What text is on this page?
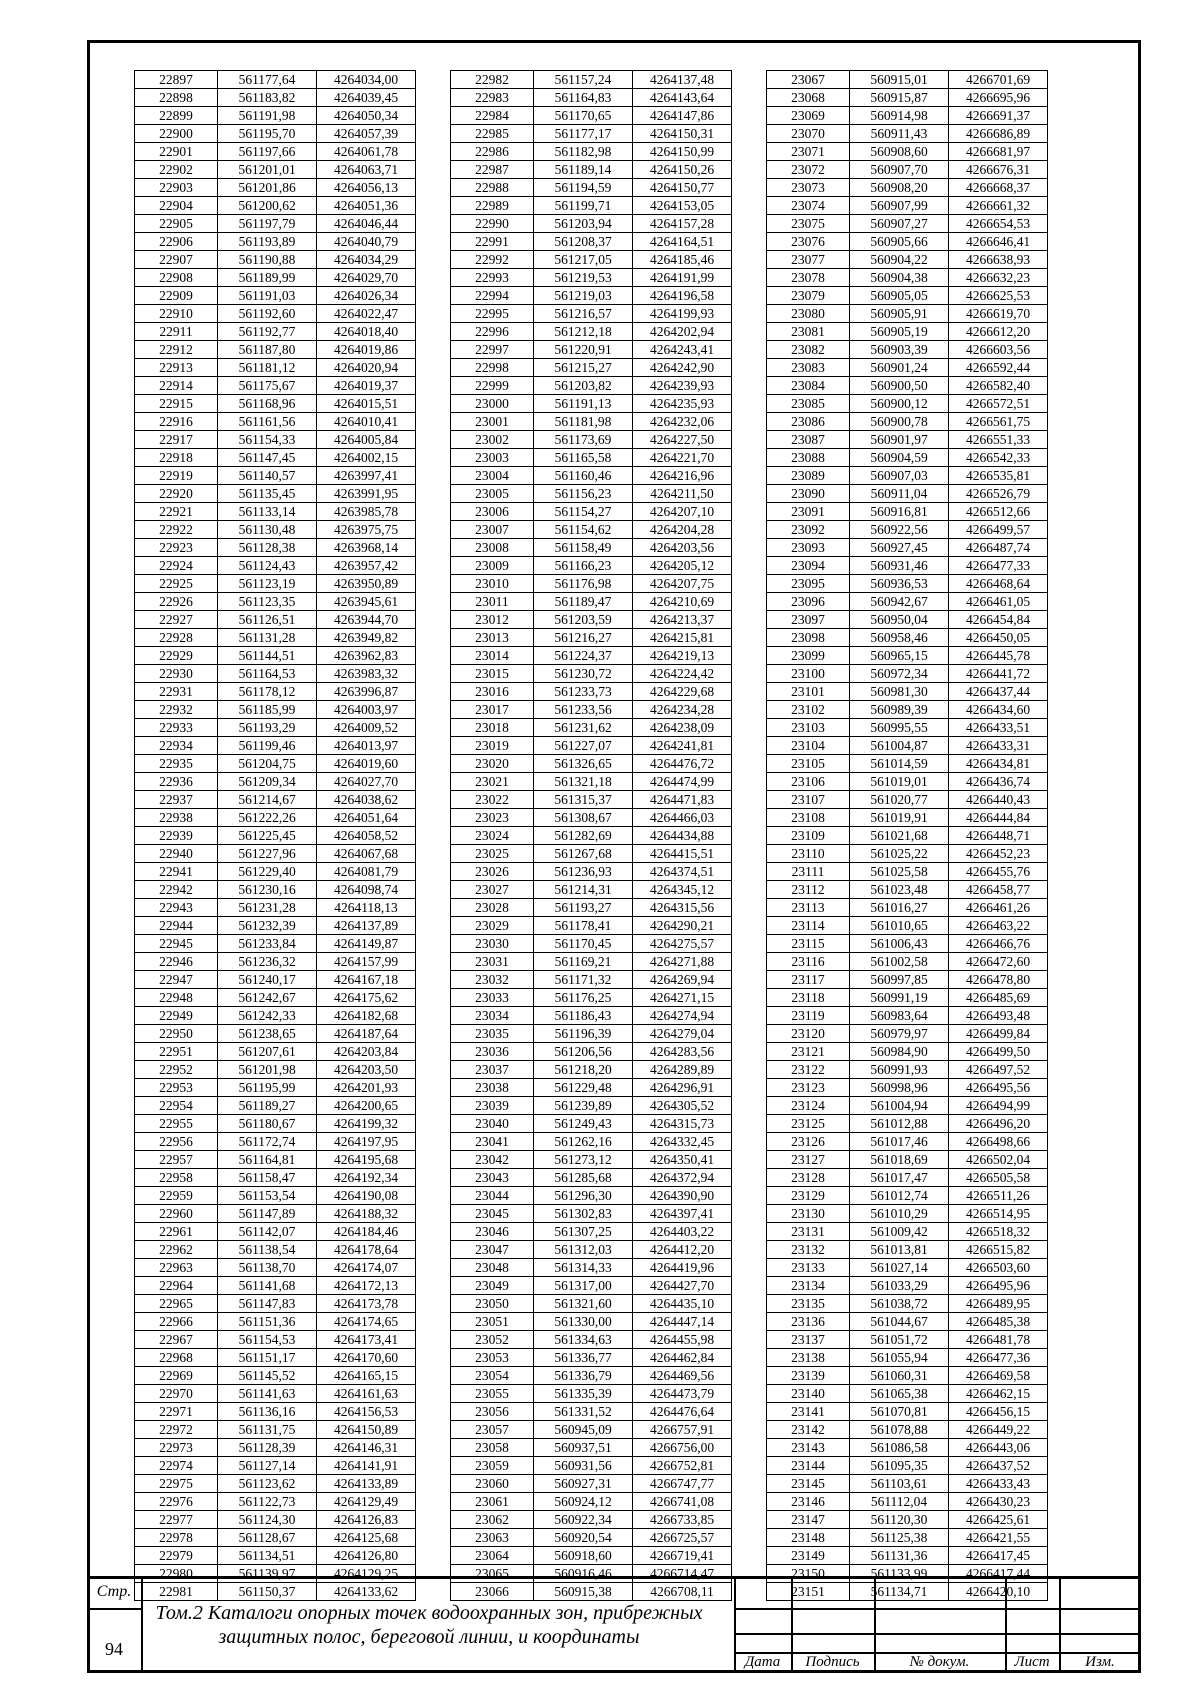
22897	561177,64	4264034,00
22898	561183,82	4264039,45
22899	561191,98	4264050,34
22900	561195,70	4264057,39
22901	561197,66	4264061,78
22902	561201,01	4264063,71
22903	561201,86	4264056,13
22904	561200,62	4264051,36
22905	561197,79	4264046,44
22906	561193,89	4264040,79
22907	561190,88	4264034,29
22908	561189,99	4264029,70
22909	561191,03	4264026,34
22910	561192,60	4264022,47
22911	561192,77	4264018,40
22912	561187,80	4264019,86
22913	561181,12	4264020,94
22914	561175,67	4264019,37
22915	561168,96	4264015,51
22916	561161,56	4264010,41
22917	561154,33	4264005,84
22918	561147,45	4264002,15
22919	561140,57	4263997,41
22920	561135,45	4263991,95
22921	561133,14	4263985,78
22922	561130,48	4263975,75
22923	561128,38	4263968,14
22924	561124,43	4263957,42
22925	561123,19	4263950,89
22926	561123,35	4263945,61
22927	561126,51	4263944,70
22928	561131,28	4263949,82
22929	561144,51	4263962,83
22930	561164,53	4263983,32
22931	561178,12	4263996,87
22932	561185,99	4264003,97
22933	561193,29	4264009,52
22934	561199,46	4264013,97
22935	561204,75	4264019,60
22936	561209,34	4264027,70
22937	561214,67	4264038,62
22938	561222,26	4264051,64
22939	561225,45	4264058,52
22940	561227,96	4264067,68
22941	561229,40	4264081,79
22942	561230,16	4264098,74
22943	561231,28	4264118,13
22944	561232,39	4264137,89
22945	561233,84	4264149,87
22946	561236,32	4264157,99
22947	561240,17	4264167,18
22948	561242,67	4264175,62
22949	561242,33	4264182,68
22950	561238,65	4264187,64
22951	561207,61	4264203,84
22952	561201,98	4264203,50
22953	561195,99	4264201,93
22954	561189,27	4264200,65
22955	561180,67	4264199,32
22956	561172,74	4264197,95
22957	561164,81	4264195,68
22958	561158,47	4264192,34
22959	561153,54	4264190,08
22960	561147,89	4264188,32
22961	561142,07	4264184,46
22962	561138,54	4264178,64
22963	561138,70	4264174,07
22964	561141,68	4264172,13
22965	561147,83	4264173,78
22966	561151,36	4264174,65
22967	561154,53	4264173,41
22968	561151,17	4264170,60
22969	561145,52	4264165,15
22970	561141,63	4264161,63
22971	561136,16	4264156,53
22972	561131,75	4264150,89
22973	561128,39	4264146,31
22974	561127,14	4264141,91
22975	561123,62	4264133,89
22976	561122,73	4264129,49
22977	561124,30	4264126,83
22978	561128,67	4264125,68
22979	561134,51	4264126,80
22980	561139,97	4264129,25
22981	561150,37	4264133,62
22982	561157,24	4264137,48
22983	561164,83	4264143,64
22984	561170,65	4264147,86
22985	561177,17	4264150,31
22986	561182,98	4264150,99
22987	561189,14	4264150,26
22988	561194,59	4264150,77
22989	561199,71	4264153,05
22990	561203,94	4264157,28
22991	561208,37	4264164,51
22992	561217,05	4264185,46
22993	561219,53	4264191,99
22994	561219,03	4264196,58
22995	561216,57	4264199,93
22996	561212,18	4264202,94
22997	561220,91	4264243,41
22998	561215,27	4264242,90
22999	561203,82	4264239,93
23000	561191,13	4264235,93
23001	561181,98	4264232,06
23002	561173,69	4264227,50
23003	561165,58	4264221,70
23004	561160,46	4264216,96
23005	561156,23	4264211,50
23006	561154,27	4264207,10
23007	561154,62	4264204,28
23008	561158,49	4264203,56
23009	561166,23	4264205,12
23010	561176,98	4264207,75
23011	561189,47	4264210,69
23012	561203,59	4264213,37
23013	561216,27	4264215,81
23014	561224,37	4264219,13
23015	561230,72	4264224,42
23016	561233,73	4264229,68
23017	561233,56	4264234,28
23018	561231,62	4264238,09
23019	561227,07	4264241,81
23020	561326,65	4264476,72
23021	561321,18	4264474,99
23022	561315,37	4264471,83
23023	561308,67	4264466,03
23024	561282,69	4264434,88
23025	561267,68	4264415,51
23026	561236,93	4264374,51
23027	561214,31	4264345,12
23028	561193,27	4264315,56
23029	561178,41	4264290,21
23030	561170,45	4264275,57
23031	561169,21	4264271,88
23032	561171,32	4264269,94
23033	561176,25	4264271,15
23034	561186,43	4264274,94
23035	561196,39	4264279,04
23036	561206,56	4264283,56
23037	561218,20	4264289,89
23038	561229,48	4264296,91
23039	561239,89	4264305,52
23040	561249,43	4264315,73
23041	561262,16	4264332,45
23042	561273,12	4264350,41
23043	561285,68	4264372,94
23044	561296,30	4264390,90
23045	561302,83	4264397,41
23046	561307,25	4264403,22
23047	561312,03	4264412,20
23048	561314,33	4264419,96
23049	561317,00	4264427,70
23050	561321,60	4264435,10
23051	561330,00	4264447,14
23052	561334,63	4264455,98
23053	561336,77	4264462,84
23054	561336,79	4264469,56
23055	561335,39	4264473,79
23056	561331,52	4264476,64
23057	560945,09	4266757,91
23058	560937,51	4266756,00
23059	560931,56	4266752,81
23060	560927,31	4266747,77
23061	560924,12	4266741,08
23062	560922,34	4266733,85
23063	560920,54	4266725,57
23064	560918,60	4266719,41
23065	560916,46	4266714,47
23066	560915,38	4266708,11
23067	560915,01	4266701,69
23068	560915,87	4266695,96
23069	560914,98	4266691,37
23070	560911,43	4266686,89
23071	560908,60	4266681,97
23072	560907,70	4266676,31
23073	560908,20	4266668,37
23074	560907,99	4266661,32
23075	560907,27	4266654,53
23076	560905,66	4266646,41
23077	560904,22	4266638,93
23078	560904,38	4266632,23
23079	560905,05	4266625,53
23080	560905,91	4266619,70
23081	560905,19	4266612,20
23082	560903,39	4266603,56
23083	560901,24	4266592,44
23084	560900,50	4266582,40
23085	560900,12	4266572,51
23086	560900,78	4266561,75
23087	560901,97	4266551,33
23088	560904,59	4266542,33
23089	560907,03	4266535,81
23090	560911,04	4266526,79
23091	560916,81	4266512,66
23092	560922,56	4266499,57
23093	560927,45	4266487,74
23094	560931,46	4266477,33
23095	560936,53	4266468,64
23096	560942,67	4266461,05
23097	560950,04	4266454,84
23098	560958,46	4266450,05
23099	560965,15	4266445,78
23100	560972,34	4266441,72
23101	560981,30	4266437,44
23102	560989,39	4266434,60
23103	560995,55	4266433,51
23104	561004,87	4266433,31
23105	561014,59	4266434,81
23106	561019,01	4266436,74
23107	561020,77	4266440,43
23108	561019,91	4266444,84
23109	561021,68	4266448,71
23110	561025,22	4266452,23
23111	561025,58	4266455,76
23112	561023,48	4266458,77
23113	561016,27	4266461,26
23114	561010,65	4266463,22
23115	561006,43	4266466,76
23116	561002,58	4266472,60
23117	560997,85	4266478,80
23118	560991,19	4266485,69
23119	560983,64	4266493,48
23120	560979,97	4266499,84
23121	560984,90	4266499,50
23122	560991,93	4266497,52
23123	560998,96	4266495,56
23124	561004,94	4266494,99
23125	561012,88	4266496,20
23126	561017,46	4266498,66
23127	561018,69	4266502,04
23128	561017,47	4266505,58
23129	561012,74	4266511,26
23130	561010,29	4266514,95
23131	561009,42	4266518,32
23132	561013,81	4266515,82
23133	561027,14	4266503,60
23134	561033,29	4266495,96
23135	561038,72	4266489,95
23136	561044,67	4266485,38
23137	561051,72	4266481,78
23138	561055,94	4266477,36
23139	561060,31	4266469,58
23140	561065,38	4266462,15
23141	561070,81	4266456,15
23142	561078,88	4266449,22
23143	561086,58	4266443,06
23144	561095,35	4266437,52
23145	561103,61	4266433,43
23146	561112,04	4266430,23
23147	561120,30	4266425,61
23148	561125,38	4266421,55
23149	561131,36	4266417,45
23150	561133,99	4266417,44
23151	561134,71	4266420,10
Стр.
94
Том.2 Каталоги опорных точек водоохранных зон, прибрежных защитных полос, береговой линии, и координаты
Дата	Подпись	№ докум.	Лист	Изм.
